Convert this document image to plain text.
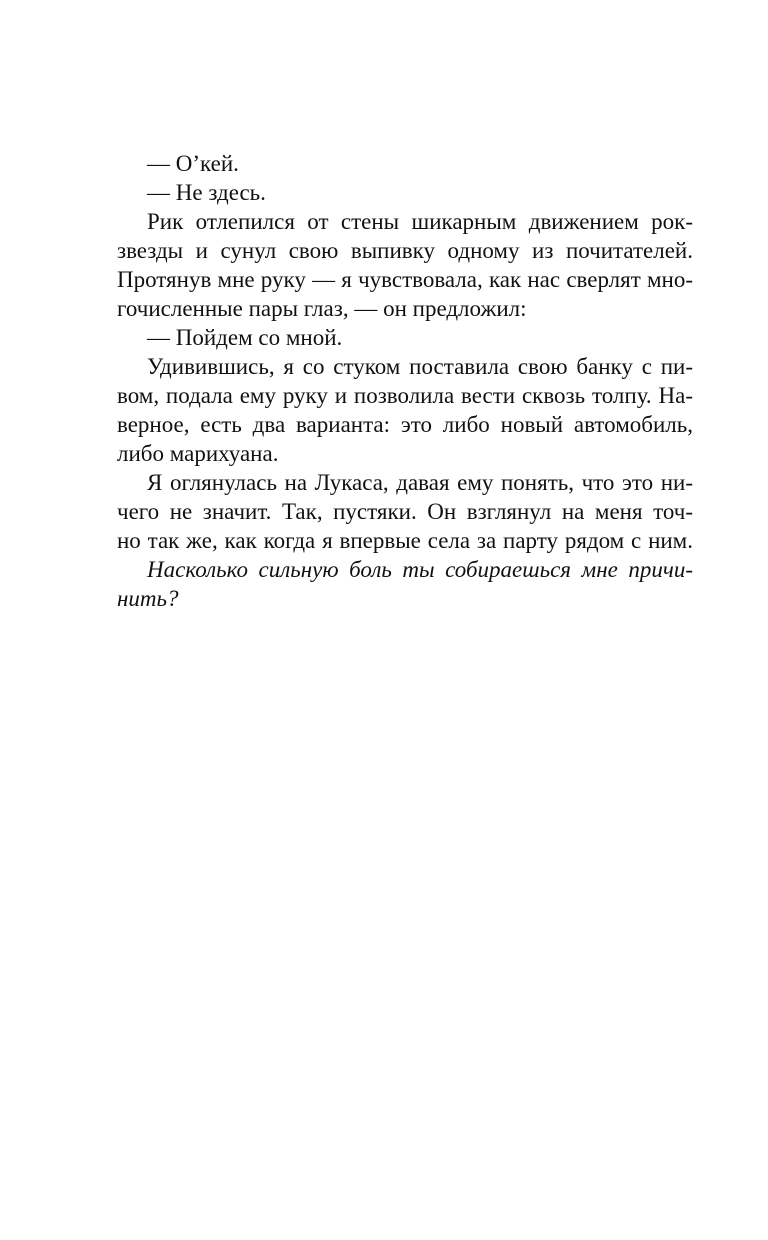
— О’кей.
— Не здесь.
Рик отлепился от стены шикарным движением рок-
звезды и сунул свою выпивку одному из почитателей.
Протянув мне руку — я чувствовала, как нас сверлят мно-
гочисленные пары глаз, — он предложил:
— Пойдем со мной.
Удивившись, я со стуком поставила свою банку с пи-
вом, подала ему руку и позволила вести сквозь толпу. На-
верное, есть два варианта: это либо новый автомобиль,
либо марихуана.
Я оглянулась на Лукаса, давая ему понять, что это ни-
чего не значит. Так, пустяки. Он взглянул на меня точ-
но так же, как когда я впервые села за парту рядом с ним.
Насколько сильную боль ты собираешься мне причи-
нить?
